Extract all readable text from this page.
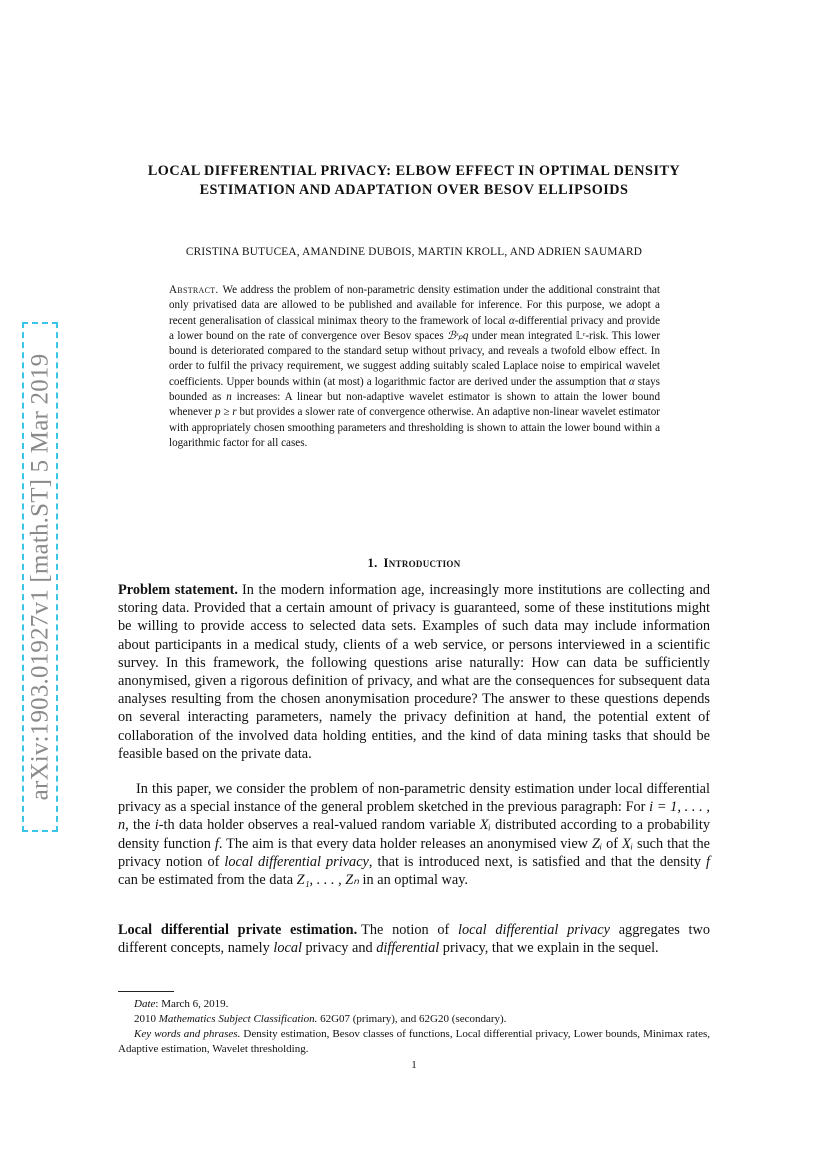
arXiv:1903.01927v1 [math.ST] 5 Mar 2019
LOCAL DIFFERENTIAL PRIVACY: ELBOW EFFECT IN OPTIMAL DENSITY ESTIMATION AND ADAPTATION OVER BESOV ELLIPSOIDS

CRISTINA BUTUCEA, AMANDINE DUBOIS, MARTIN KROLL, AND ADRIEN SAUMARD

Abstract. We address the problem of non-parametric density estimation under the additional constraint that only privatised data are allowed to be published and available for inference. For this purpose, we adopt a recent generalisation of classical minimax theory to the framework of local α-differential privacy and provide a lower bound on the rate of convergence over Besov spaces ℬˢₚq under mean integrated 𝕃ʳ-risk. This lower bound is deteriorated compared to the standard setup without privacy, and reveals a twofold elbow effect. In order to fulfil the privacy requirement, we suggest adding suitably scaled Laplace noise to empirical wavelet coefficients. Upper bounds within (at most) a logarithmic factor are derived under the assumption that α stays bounded as n increases: A linear but non-adaptive wavelet estimator is shown to attain the lower bound whenever p ≥ r but provides a slower rate of convergence otherwise. An adaptive non-linear wavelet estimator with appropriately chosen smoothing parameters and thresholding is shown to attain the lower bound within a logarithmic factor for all cases.

1. Introduction

Problem statement. In the modern information age, increasingly more institutions are collecting and storing data. Provided that a certain amount of privacy is guaranteed, some of these institutions might be willing to provide access to selected data sets. Examples of such data may include information about participants in a medical study, clients of a web service, or persons interviewed in a scientific survey. In this framework, the following questions arise naturally: How can data be sufficiently anonymised, given a rigorous definition of privacy, and what are the consequences for subsequent data analyses resulting from the chosen anonymisation procedure? The answer to these questions depends on several interacting parameters, namely the privacy definition at hand, the potential extent of collaboration of the involved data holding entities, and the kind of data mining tasks that should be feasible based on the private data.

In this paper, we consider the problem of non-parametric density estimation under local differential privacy as a special instance of the general problem sketched in the previous paragraph: For i = 1, . . . , n, the i-th data holder observes a real-valued random variable Xᵢ distributed according to a probability density function f. The aim is that every data holder releases an anonymised view Zᵢ of Xᵢ such that the privacy notion of local differential privacy, that is introduced next, is satisfied and that the density f can be estimated from the data Z₁, . . . , Zₙ in an optimal way.

Local differential private estimation. The notion of local differential privacy aggregates two different concepts, namely local privacy and differential privacy, that we explain in the sequel.

Date: March 6, 2019.

2010 Mathematics Subject Classification. 62G07 (primary), and 62G20 (secondary).

Key words and phrases. Density estimation, Besov classes of functions, Local differential privacy, Lower bounds, Minimax rates, Adaptive estimation, Wavelet thresholding.

1
